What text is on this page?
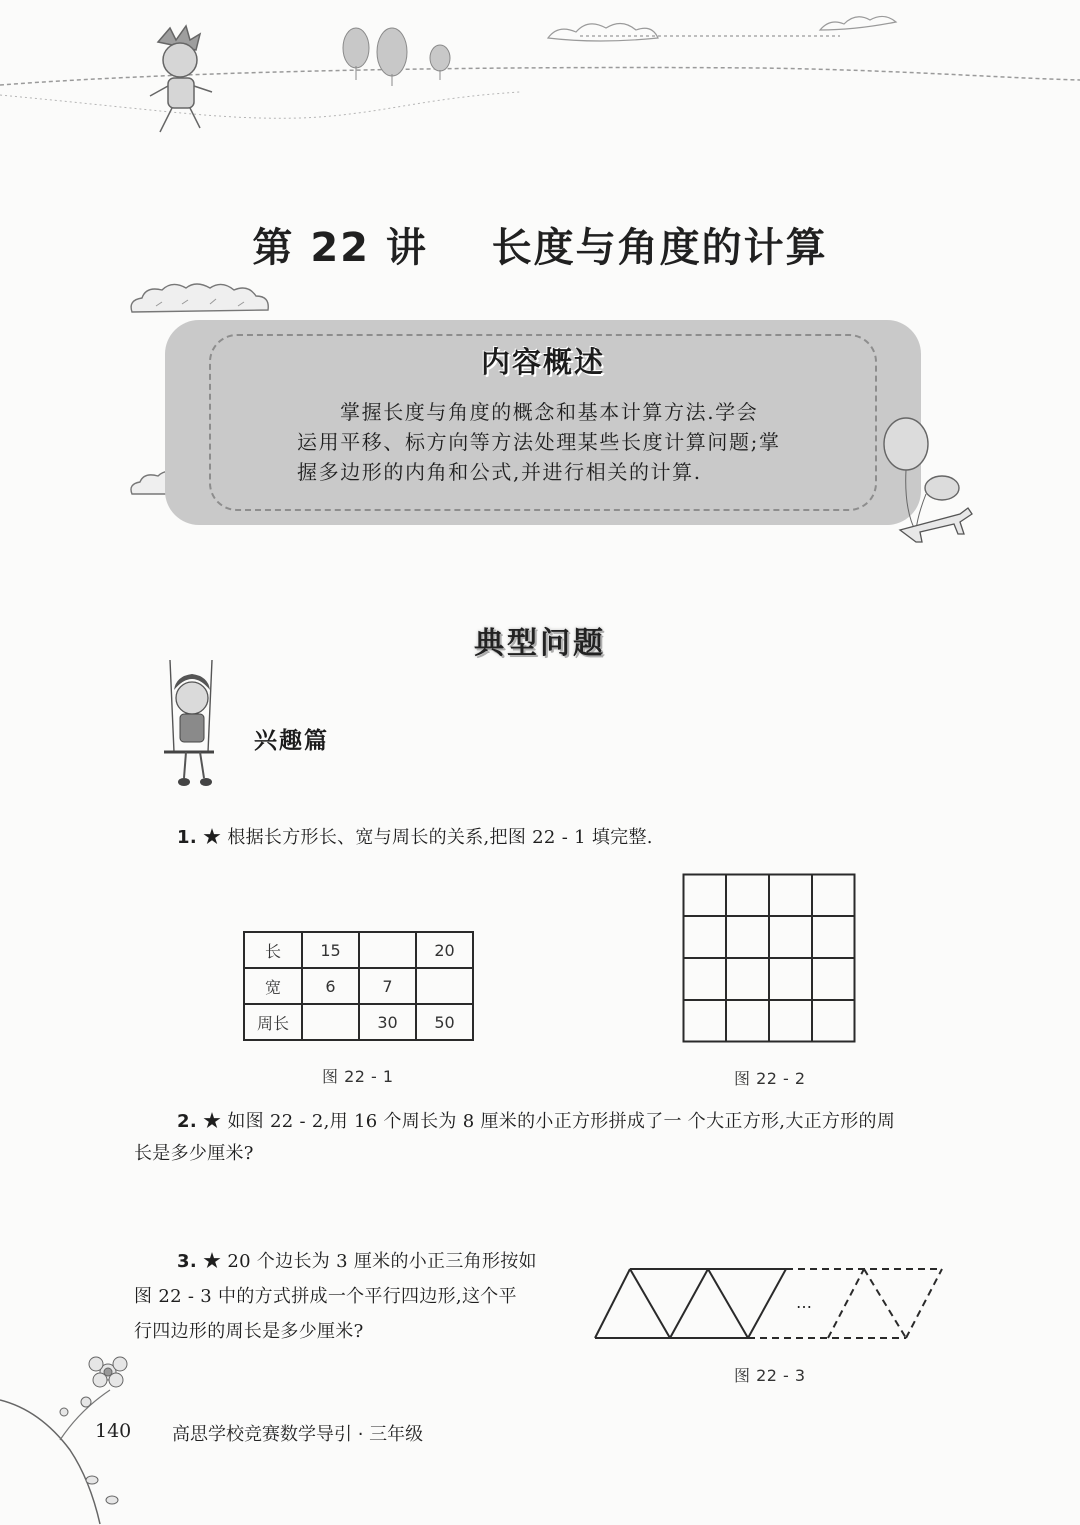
第 22 讲    长度与角度的计算
内容概述
掌握长度与角度的概念和基本计算方法.学会
运用平移、标方向等方法处理某些长度计算问题;掌
握多边形的内角和公式,并进行相关的计算.
典型问题
兴趣篇
1. ★ 根据长方形长、宽与周长的关系,把图 22 - 1 填完整.
长	15		20
宽	6	7	
周长		30	50
图 22 - 1	图 22 - 2
2. ★ 如图 22 - 2,用 16 个周长为 8 厘米的小正方形拼成了一 个大正方形,大正方形的周
长是多少厘米?
3. ★ 20 个边长为 3 厘米的小正三角形按如
图 22 - 3 中的方式拼成一个平行四边形,这个平
行四边形的周长是多少厘米?
…
图 22 - 3
140 高思学校竞赛数学导引 · 三年级
